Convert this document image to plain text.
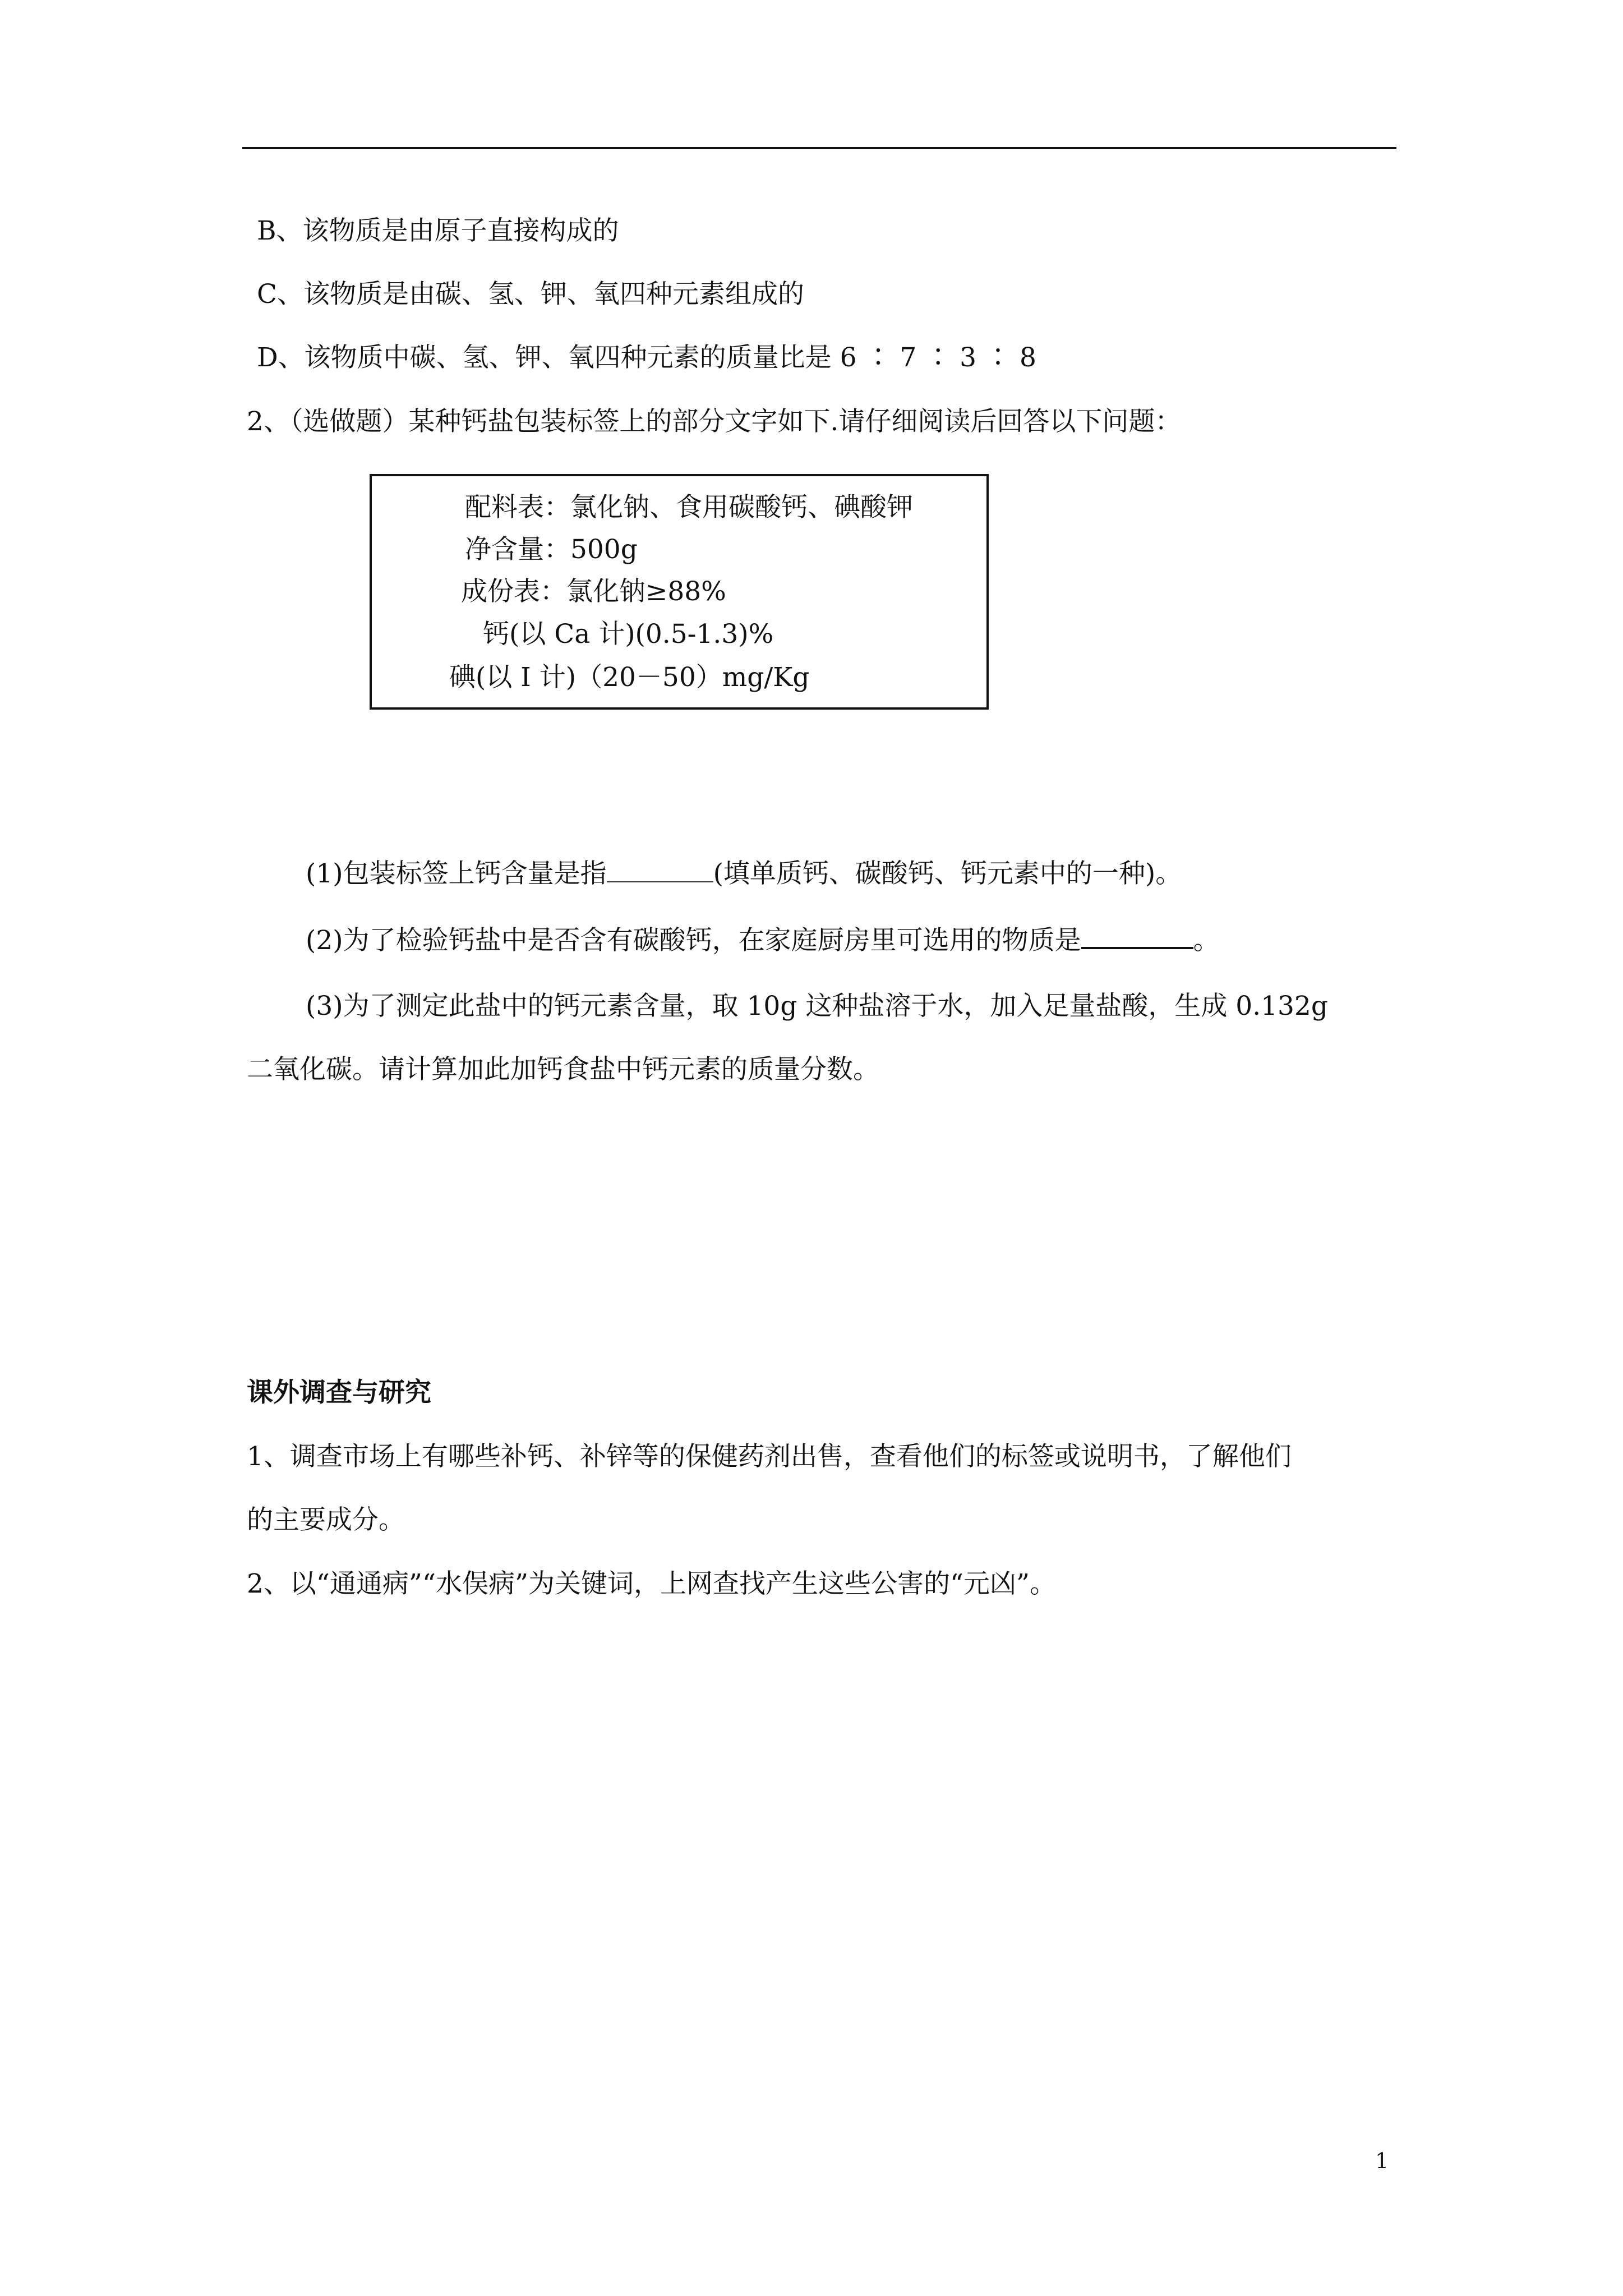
B、该物质是由原子直接构成的
C、该物质是由碳、氢、钾、氧四种元素组成的
D、该物质中碳、氢、钾、氧四种元素的质量比是 6 ∶ 7 ∶ 3 ∶ 8
2、（选做题）某种钙盐包装标签上的部分文字如下.请仔细阅读后回答以下问题：
配料表：氯化钠、食用碳酸钙、碘酸钾
净含量：500g
成份表：氯化钠≥88%
钙(以 Ca 计)(0.5-1.3)%
碘(以 I 计)（20－50）mg/Kg
(1)包装标签上钙含量是指	(填单质钙、碳酸钙、钙元素中的一种)。
(2)为了检验钙盐中是否含有碳酸钙，在家庭厨房里可选用的物质是	。
(3)为了测定此盐中的钙元素含量，取 10g 这种盐溶于水，加入足量盐酸，生成 0.132g
二氧化碳。请计算加此加钙食盐中钙元素的质量分数。
课外调查与研究
1、调查市场上有哪些补钙、补锌等的保健药剂出售，查看他们的标签或说明书，了解他们
的主要成分。
2、以“通通病”“水俣病”为关键词，上网查找产生这些公害的“元凶”。
1
